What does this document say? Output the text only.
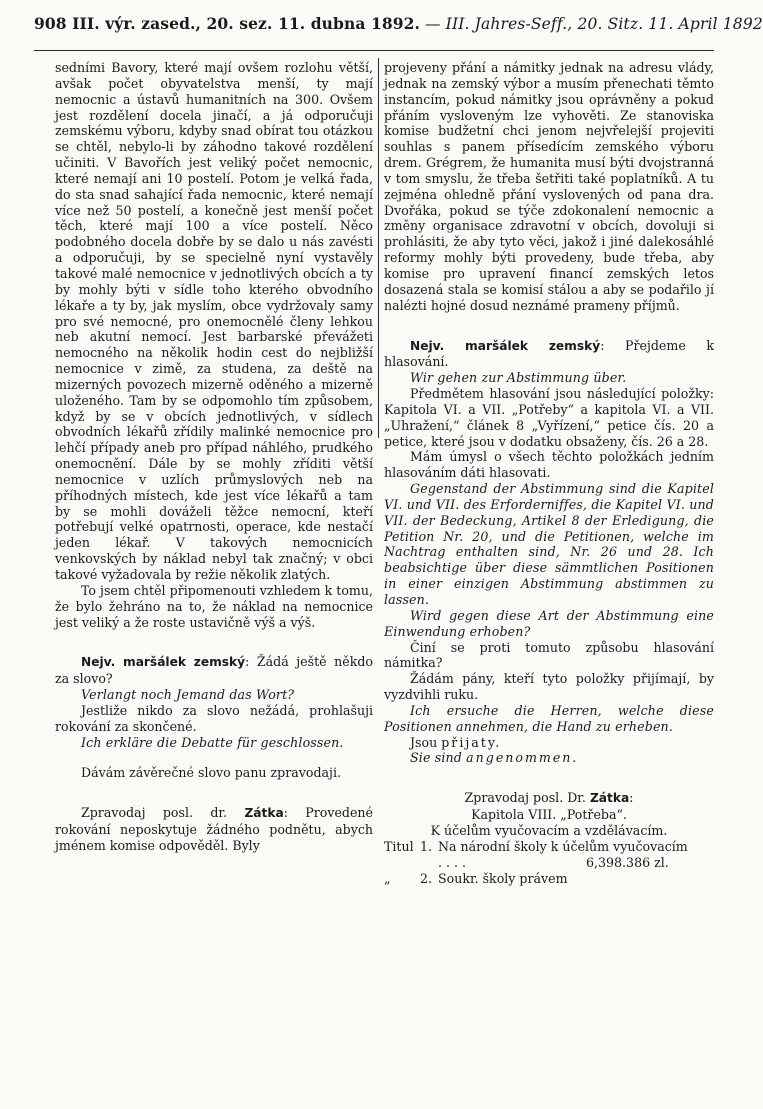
908 III. výr. zased., 20. sez. 11. dubna 1892. — III. Jahres-Seff., 20. Sitz. 11. April 1892

sedními Bavory, které mají ovšem rozlohu větší, avšak počet obyvatelstva menší, ty mají nemocnic a ústavů humanitních na 300. Ovšem jest rozdělení docela jinačí, a já odporučuji zemskému výboru, kdyby snad obírat tou otázkou se chtěl, nebylo-li by záhodno takové rozdělení učiniti. V Bavořích jest veliký počet nemocnic, které nemají ani 10 postelí. Potom je velká řada, do sta snad sahající řada nemocnic, které nemají více než 50 postelí, a konečně jest menší počet těch, které mají 100 a více postelí. Něco podobného docela dobře by se dalo u nás zavésti a odporučuji, by se specielně nyní vystavěly takové malé nemocnice v jednotlivých obcích a ty by mohly býti v sídle toho kterého obvodního lékaře a ty by, jak myslím, obce vydržovaly samy pro své nemocné, pro onemocnělé členy lehkou neb akutní nemocí. Jest barbarské převážeti nemocného na několik hodin cest do nejbližší nemocnice v zimě, za studena, za deště na mizerných povozech mizerně oděného a mizerně uloženého. Tam by se odpomohlo tím způsobem, když by se v obcích jednotlivých, v sídlech obvodních lékařů zřídily malinké nemocnice pro lehčí případy aneb pro případ náhlého, prudkého onemocnění. Dále by se mohly zříditi větší nemocnice v uzlích průmyslových neb na příhodných místech, kde jest více lékařů a tam by se mohli dováželi těžce nemocní, kteří potřebují velké opatrnosti, operace, kde nestačí jeden lékař. V takových nemocnicích venkovských by náklad nebyl tak značný; v obci takové vyžadovala by režie několik zlatých.

To jsem chtěl připomenouti vzhledem k tomu, že bylo žehráno na to, že náklad na nemocnice jest veliký a že roste ustavičně výš a výš.

Nejv. maršálek zemský: Žádá ještě někdo za slovo?

Verlangt noch Jemand das Wort?

Jestliže nikdo za slovo nežádá, prohlašuji rokování za skončené.

Ich erkläre die Debatte für geschlossen.

Dávám závěrečné slovo panu zpravodaji.

Zpravodaj posl. dr. Zátka: Provedené rokování neposkytuje žádného podnětu, abych jménem komise odpověděl. Byly

projeveny přání a námitky jednak na adresu vlády, jednak na zemský výbor a musím přenechati těmto instancím, pokud námitky jsou oprávněny a pokud přáním vysloveným lze vyhověti. Ze stanoviska komise budžetní chci jenom nejvřelejší projeviti souhlas s panem přísedícím zemského výboru drem. Grégrem, že humanita musí býti dvojstranná v tom smyslu, že třeba šetřiti také poplatníků. A tu zejména ohledně přání vyslovených od pana dra. Dvořáka, pokud se týče zdokonalení nemocnic a změny organisace zdravotní v obcích, dovoluji si prohlásiti, že aby tyto věci, jakož i jiné dalekosáhlé reformy mohly býti provedeny, bude třeba, aby komise pro upravení financí zemských letos dosazená stala se komisí stálou a aby se podařilo jí nalézti hojné dosud neznámé prameny příjmů.

Nejv. maršálek zemský: Přejdeme k hlasování.

Wir gehen zur Abstimmung über.

Předmětem hlasování jsou následující položky: Kapitola VI. a VII. „Potřeby“ a kapitola VI. a VII. „Uhražení,“ článek 8 „Vyřízení,“ petice čís. 20 a petice, které jsou v dodatku obsaženy, čís. 26 a 28.

Mám úmysl o všech těchto položkách jedním hlasováním dáti hlasovati.

Gegenstand der Abstimmung sind die Kapitel VI. und VII. des Erforderniffes, die Kapitel VI. und VII. der Bedeckung, Artikel 8 der Erledigung, die Petition Nr. 20, und die Petitionen, welche im Nachtrag enthalten sind, Nr. 26 und 28. Ich beabsichtige über diese sämmtlichen Positionen in einer einzigen Abstimmung abstimmen zu lassen.

Wird gegen diese Art der Abstimmung eine Einwendung erhoben?

Činí se proti tomuto způsobu hlasování námitka?

Žádám pány, kteří tyto položky přijímají, by vyzdvihli ruku.

Ich ersuche die Herren, welche diese Positionen annehmen, die Hand zu erheben.

Jsou přijaty.

Sie sind angenommen.

Zpravodaj posl. Dr. Zátka:

Kapitola VIII. „Potřeba“.

K účelům vyučovacím a vzdělávacím.

Titul 1. Na národní školy k účelům vyučovacím
. . . .	6,398.386 zl.
„	2. Soukr. školy právem
